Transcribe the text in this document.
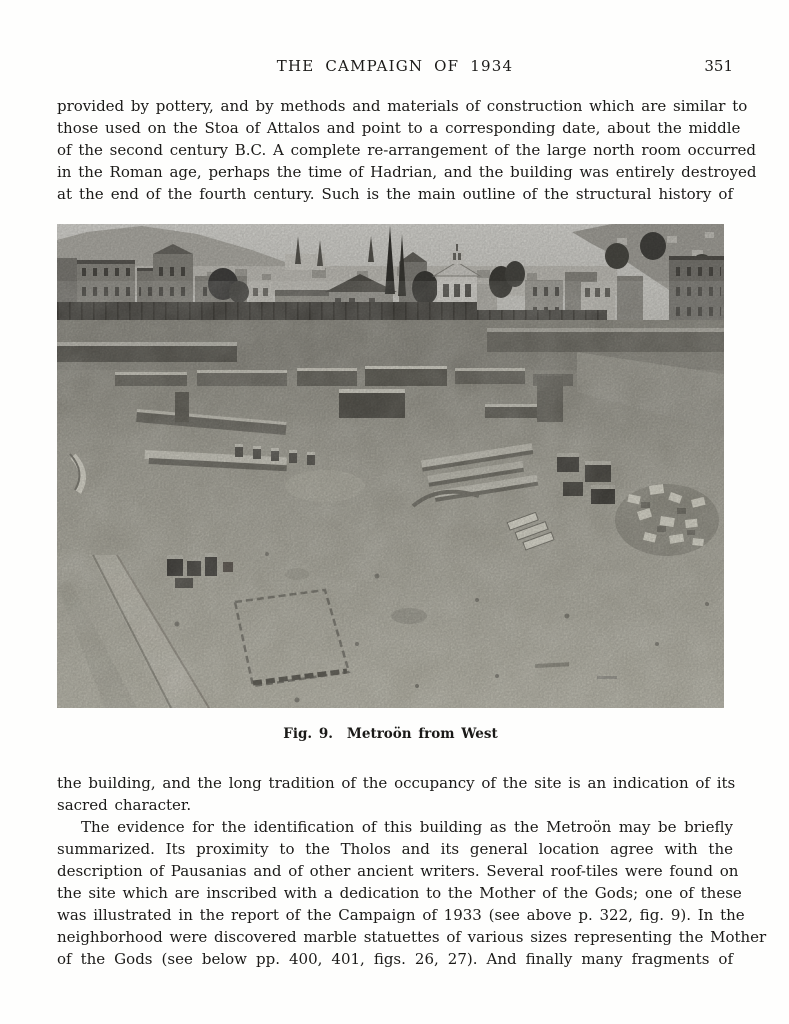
THE CAMPAIGN OF 1934	351
provided by pottery, and by methods and materials of construction which are similar to
those used on the Stoa of Attalos and point to a corresponding date, about the middle
of the second century B.C. A complete re-arrangement of the large north room occurred
in the Roman age, perhaps the time of Hadrian, and the building was entirely destroyed
at the end of the fourth century. Such is the main outline of the structural history of
Fig. 9. Metroön from West
the building, and the long tradition of the occupancy of the site is an indication of its
sacred character.
The evidence for the identification of this building as the Metroön may be briefly
summarized. Its proximity to the Tholos and its general location agree with the
description of Pausanias and of other ancient writers. Several roof-tiles were found on
the site which are inscribed with a dedication to the Mother of the Gods; one of these
was illustrated in the report of the Campaign of 1933 (see above p. 322, fig. 9). In the
neighborhood were discovered marble statuettes of various sizes representing the Mother
of the Gods (see below pp. 400, 401, figs. 26, 27). And finally many fragments of
